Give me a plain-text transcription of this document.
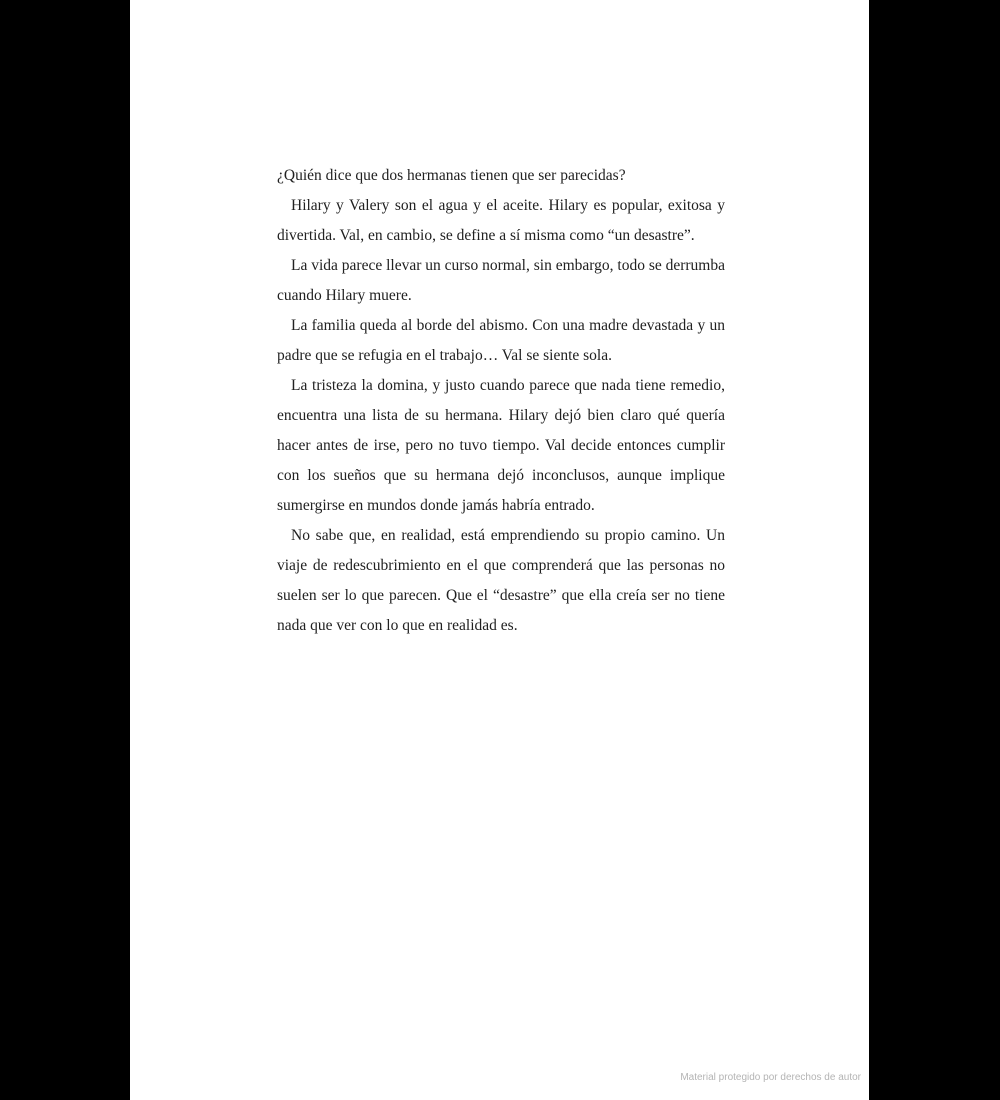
¿Quién dice que dos hermanas tienen que ser parecidas?

Hilary y Valery son el agua y el aceite. Hilary es popular, exitosa y divertida. Val, en cambio, se define a sí misma como “un desastre”.

La vida parece llevar un curso normal, sin embargo, todo se derrumba cuando Hilary muere.

La familia queda al borde del abismo. Con una madre devastada y un padre que se refugia en el trabajo… Val se siente sola.

La tristeza la domina, y justo cuando parece que nada tiene remedio, encuentra una lista de su hermana. Hilary dejó bien claro qué quería hacer antes de irse, pero no tuvo tiempo. Val decide entonces cumplir con los sueños que su hermana dejó inconclusos, aunque implique sumergirse en mundos donde jamás habría entrado.

No sabe que, en realidad, está emprendiendo su propio camino. Un viaje de redescubrimiento en el que comprenderá que las personas no suelen ser lo que parecen. Que el “desastre” que ella creía ser no tiene nada que ver con lo que en realidad es.

Material protegido por derechos de autor
